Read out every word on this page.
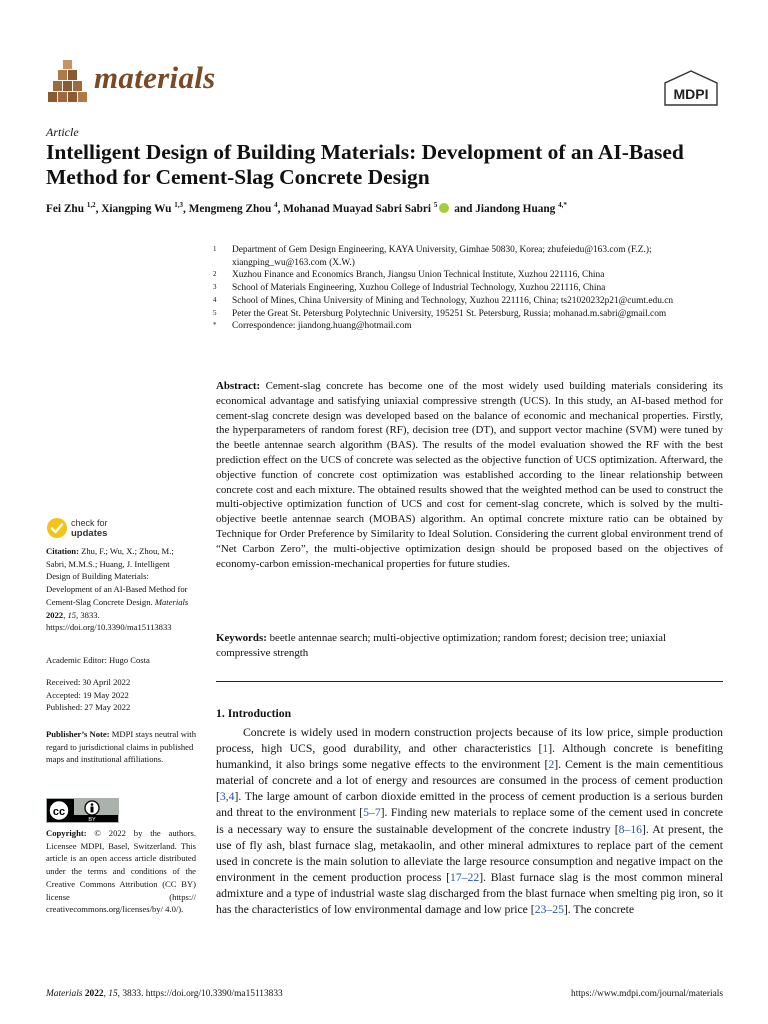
materials	MDPI
Article
Intelligent Design of Building Materials: Development of an AI-Based Method for Cement-Slag Concrete Design
Fei Zhu $^{1,2}$, Xiangping Wu $^{1,3}$, Mengmeng Zhou $^4$, Mohanad Muayad Sabri Sabri $^5$ and Jiandong Huang $^{4,*}$
1	Department of Gem Design Engineering, KAYA University, Gimhae 50830, Korea; zhufeiedu@163.com (F.Z.); xiangping_wu@163.com (X.W.)
2	Xuzhou Finance and Economics Branch, Jiangsu Union Technical Institute, Xuzhou 221116, China
3	School of Materials Engineering, Xuzhou College of Industrial Technology, Xuzhou 221116, China
4	School of Mines, China University of Mining and Technology, Xuzhou 221116, China; ts21020232p21@cumt.edu.cn
5	Peter the Great St. Petersburg Polytechnic University, 195251 St. Petersburg, Russia; mohanad.m.sabri@gmail.com
*	Correspondence: jiandong.huang@hotmail.com
Abstract: Cement-slag concrete has become one of the most widely used building materials considering its economical advantage and satisfying uniaxial compressive strength (UCS). In this study, an AI-based method for cement-slag concrete design was developed based on the balance of economic and mechanical properties. Firstly, the hyperparameters of random forest (RF), decision tree (DT), and support vector machine (SVM) were tuned by the beetle antennae search algorithm (BAS). The results of the model evaluation showed the RF with the best prediction effect on the UCS of concrete was selected as the objective function of UCS optimization. Afterward, the objective function of concrete cost optimization was established according to the linear relationship between concrete cost and each mixture. The obtained results showed that the weighted method can be used to construct the multi-objective optimization function of UCS and cost for cement-slag concrete, which is solved by the multi-objective beetle antennae search (MOBAS) algorithm. An optimal concrete mixture ratio can be obtained by Technique for Order Preference by Similarity to Ideal Solution. Considering the current global environment trend of “Net Carbon Zero”, the multi-objective optimization design should be proposed based on the objectives of economy-carbon emission-mechanical properties for future studies.
Keywords: beetle antennae search; multi-objective optimization; random forest; decision tree; uniaxial compressive strength
check for
updates
Citation: Zhu, F.; Wu, X.; Zhou, M.; Sabri, M.M.S.; Huang, J. Intelligent Design of Building Materials: Development of an AI-Based Method for Cement-Slag Concrete Design. Materials 2022, 15, 3833. https://doi.org/10.3390/ma15113833
Academic Editor: Hugo Costa
Received: 30 April 2022
Accepted: 19 May 2022
Published: 27 May 2022
Publisher’s Note: MDPI stays neutral with regard to jurisdictional claims in published maps and institutional affiliations.
cc
BY
Copyright: © 2022 by the authors. Licensee MDPI, Basel, Switzerland. This article is an open access article distributed under the terms and conditions of the Creative Commons Attribution (CC BY) license (https:// creativecommons.org/licenses/by/ 4.0/).
1. Introduction
Concrete is widely used in modern construction projects because of its low price, simple production process, high UCS, good durability, and other characteristics [1]. Although concrete is benefiting humankind, it also brings some negative effects to the environment [2]. Cement is the main cementitious material of concrete and a lot of energy and resources are consumed in the process of cement production [3,4]. The large amount of carbon dioxide emitted in the process of cement production is a serious burden and threat to the environment [5–7]. Finding new materials to replace some of the cement used in concrete is a necessary way to ensure the sustainable development of the concrete industry [8–16]. At present, the use of fly ash, blast furnace slag, metakaolin, and other mineral admixtures to replace part of the cement used in concrete is the main solution to alleviate the large resource consumption and negative impact on the environment in the cement production process [17–22]. Blast furnace slag is the most common mineral admixture and a type of industrial waste slag discharged from the blast furnace when smelting pig iron, so it has the characteristics of low environmental damage and low price [23–25]. The concrete
Materials 2022, 15, 3833. https://doi.org/10.3390/ma15113833	https://www.mdpi.com/journal/materials
